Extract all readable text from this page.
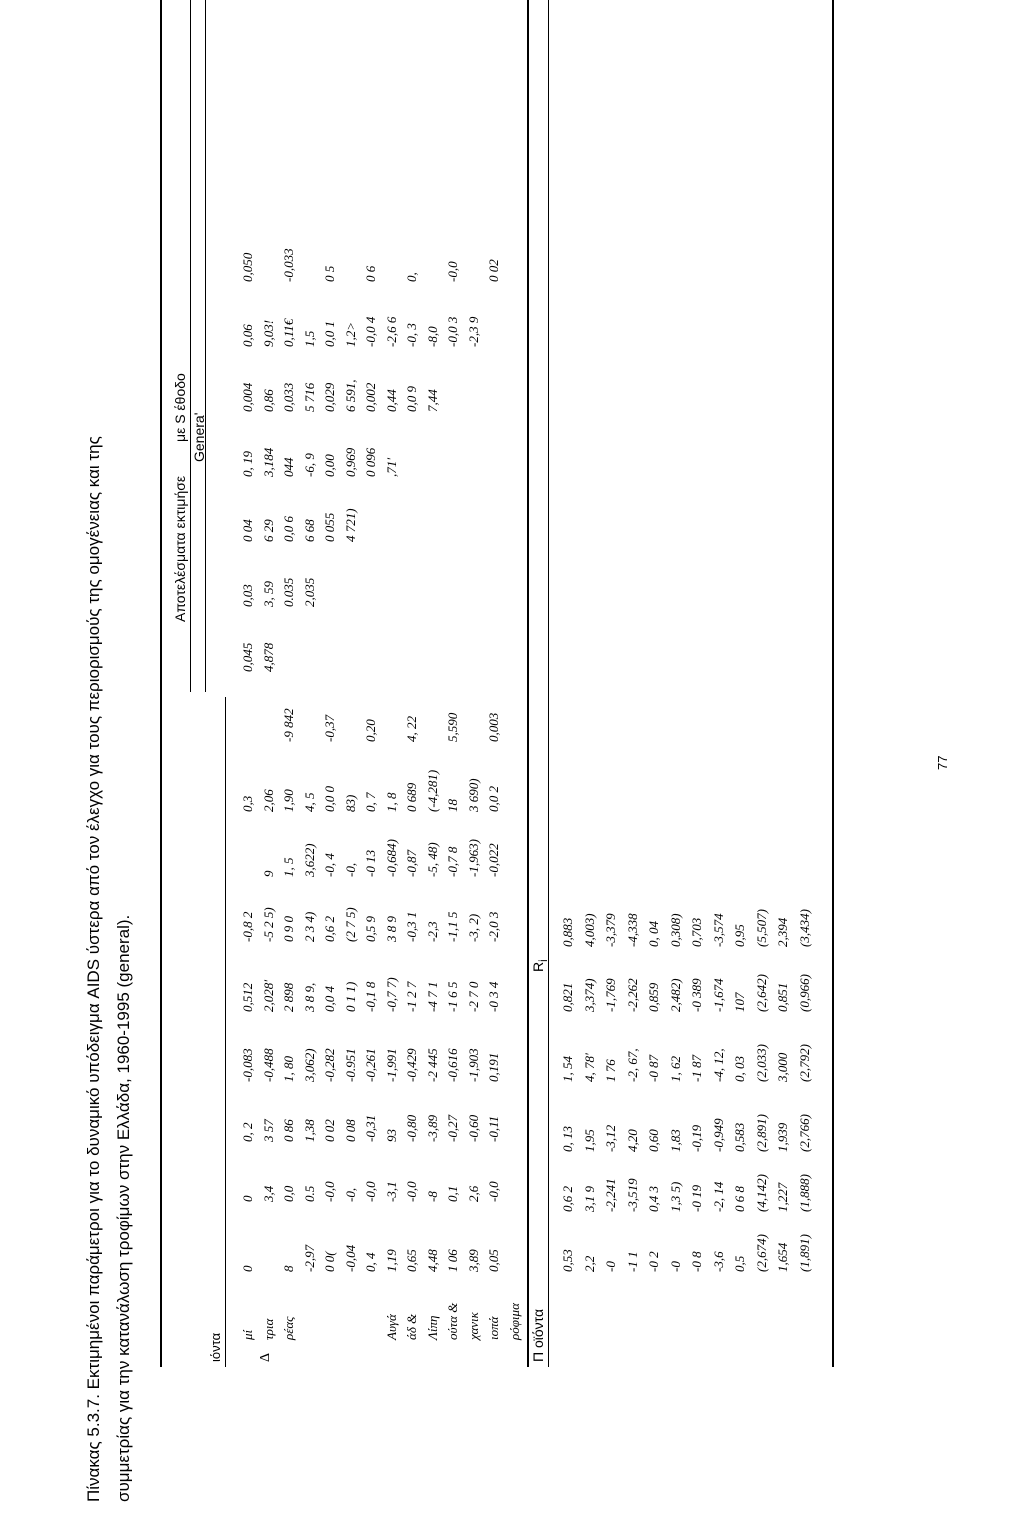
Πίνακας 5.3.7. Εκτιμημένοι παράμετροι για το δυναμικό υπόδειγμα AIDS ύστερα από τον έλεγχο για τους περιορισμούς της ομογένειας και της συμμετρίας για την κατανάλωση τροφίμων στην Ελλάδα, 1960-1995 (general).
Αποτελέσματα εκτιμήσε
με S έθοδο Genera'
ιόντα	Π οϊόντα
$R_i$
Δ
μί
0
0
0, 2
-0,083
0,512
-0,8 2
0,3
0,045
0,03
0 04
0, 19
0,004
0,06
0,050
τρια
3,4
3 57
-0,488
2,028'
-5 2 5)
9
2,06
4,878
3, 59
6 29
3,184
0,86
9,03!
ρέας
8
0,0
0 86
1, 80
2 898
0 9 0
1, 5
1,90
-9 842
0.035
0,0 6
044
0,033
0,11€
-0,033
-2,97
0.5
1,38
3,062)
3 8 9,
2 3 4)
3,622)
4, 5
2,035
6 68
-6, 9
5 716
1,5
0 0(
-0,0
0 02
-0,282
0,0 4
0,6 2
-0, 4
0,0 0
-0,37
0 055
0,00
0,029
0,0 1
0 5
-0,04
-0,
0 08
-0.951
0 1 1)
(2 7 5)
-0,
83)
4 721)
0,969
6 591,
1,2>
0, 4
-0,0
-0,31
-0,261
-0,1 8
0,5 9
-0 13
0, 7
0,20
0 096
0,002
-0,0 4
0 6
Αυγά
1,19
-3,1
93
-1,991
-0,7 7)
3 8 9
-0,684)
1, 8
,71'
0,44
-2,6 6
άδ &
0,65
-0,0
-0,80
-0,429
-1 2 7
-0,3 1
-0,87
0 689
4, 22
0,0 9
-0, 3
0,
Λίπη
4,48
-8
-3,89
-2 445
-4 7 1
-2,3
-5, 48)
(-4,281)
7,44
-8,0
ούτα &
1 06
0,1
-0,27
-0,616
-1 6 5
-1,1 5
-0,7 8
18
5,590
-0,0 3
-0,0
χανικ
3,89
2,6
-0,60
-1,903
-2 7 0
-3, 2)
-1,963)
3 690)
-2,3 9
ιοπά
0,05
-0,0
-0,11
0,191
-0 3 4
-2,0 3
-0,022
0,0 2
0,003
0 02
ρόφιμα
0,53
0,6 2
0, 13
1, 54
0,821
0,883
2,2
3,1 9
1,95
4, 78'
3,374)
4,003)
-0
-2,241
-3,12
1 76
-1,769
-3,379
-1 1
-3,519
4,20
-2, 67,
-2,262
-4,338
-0 2
0,4 3
0,60
-0 87
0,859
0, 04
-0
1,3 5)
1,83
1, 62
2,482)
0,308)
-0 8
-0 19
-0,19
-1 87
-0 389
0,703
-3,6
-2, 14
-0,949
-4, 12,
-1,674
-3,574
0,5
0 6 8
0,583
0, 03
107
0,95
(2,674)
(4,142)
(2,891)
(2,033)
(2,642)
(5,507)
1,654
1,227
1,939
3,000
0,851
2,394
(1,891)
(1,888)
(2,766)
(2,792)
(0,966)
(3,434)
77
